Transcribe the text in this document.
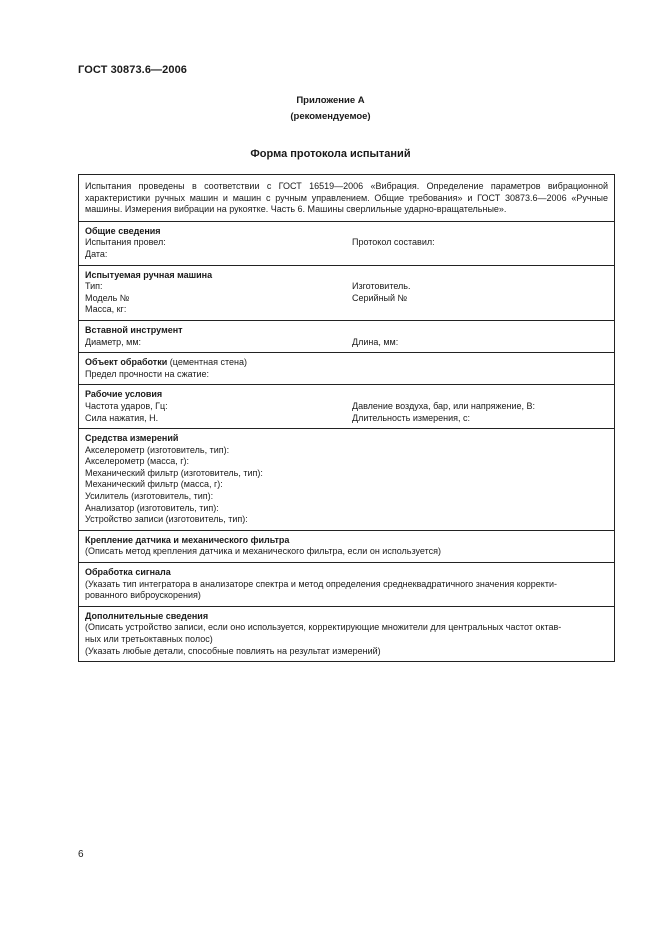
ГОСТ 30873.6—2006
Приложение А
(рекомендуемое)
Форма протокола испытаний
Испытания проведены в соответствии с ГОСТ 16519—2006 «Вибрация. Определение параметров вибрационной характеристики ручных машин и машин с ручным управлением. Общие требования» и ГОСТ 30873.6—2006 «Ручные машины. Измерения вибрации на рукоятке. Часть 6. Машины сверлильные ударно-вращательные».
Общие сведения
Испытания провел:	Протокол составил:
Дата:
Испытуемая ручная машина
Тип:	Изготовитель.
Модель №	Серийный №
Масса, кг:
Вставной инструмент
Диаметр, мм:	Длина, мм:
Объект обработки (цементная стена)
Предел прочности на сжатие:
Рабочие условия
Частота ударов, Гц:	Давление воздуха, бар, или напряжение, В:
Сила нажатия, Н.	Длительность измерения, с:
Средства измерений
Акселерометр (изготовитель, тип):
Акселерометр (масса, г):
Механический фильтр (изготовитель, тип):
Механический фильтр (масса, г):
Усилитель (изготовитель, тип):
Анализатор (изготовитель, тип):
Устройство записи (изготовитель, тип):
Крепление датчика и механического фильтра
(Описать метод крепления датчика и механического фильтра, если он используется)
Обработка сигнала
(Указать тип интегратора в анализаторе спектра и метод определения среднеквадратичного значения корректи-
рованного виброускорения)
Дополнительные сведения
(Описать устройство записи, если оно используется, корректирующие множители для центральных частот октав-
ных или третьоктавных полос)
(Указать любые детали, способные повлиять на результат измерений)
6
